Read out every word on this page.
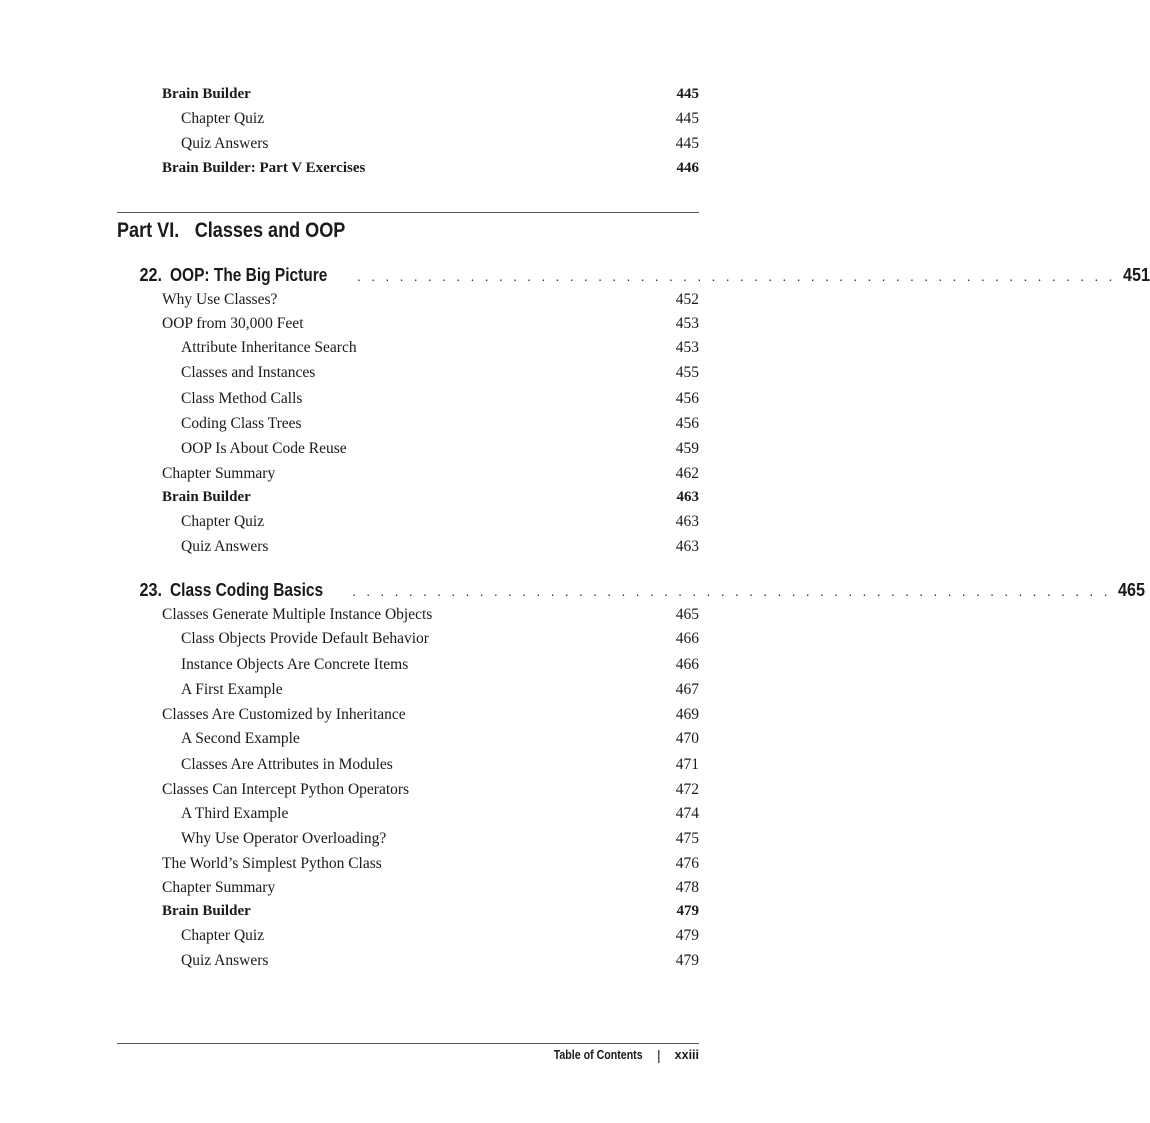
Brain Builder	445
Chapter Quiz	445
Quiz Answers	445
Brain Builder: Part V Exercises	446
Part VI. Classes and OOP
22. OOP: The Big Picture . . . . . . . . . . . . . . . . . . . . . . . . . . . . . . . . . . . . . . . . . . . . . . . . . . . . . . 451
Why Use Classes?	452
OOP from 30,000 Feet	453
Attribute Inheritance Search	453
Classes and Instances	455
Class Method Calls	456
Coding Class Trees	456
OOP Is About Code Reuse	459
Chapter Summary	462
Brain Builder	463
Chapter Quiz	463
Quiz Answers	463
23. Class Coding Basics . . . . . . . . . . . . . . . . . . . . . . . . . . . . . . . . . . . . . . . . . . . . . . . . . . . . . . 465
Classes Generate Multiple Instance Objects	465
Class Objects Provide Default Behavior	466
Instance Objects Are Concrete Items	466
A First Example	467
Classes Are Customized by Inheritance	469
A Second Example	470
Classes Are Attributes in Modules	471
Classes Can Intercept Python Operators	472
A Third Example	474
Why Use Operator Overloading?	475
The World’s Simplest Python Class	476
Chapter Summary	478
Brain Builder	479
Chapter Quiz	479
Quiz Answers	479
Table of Contents | xxiii
